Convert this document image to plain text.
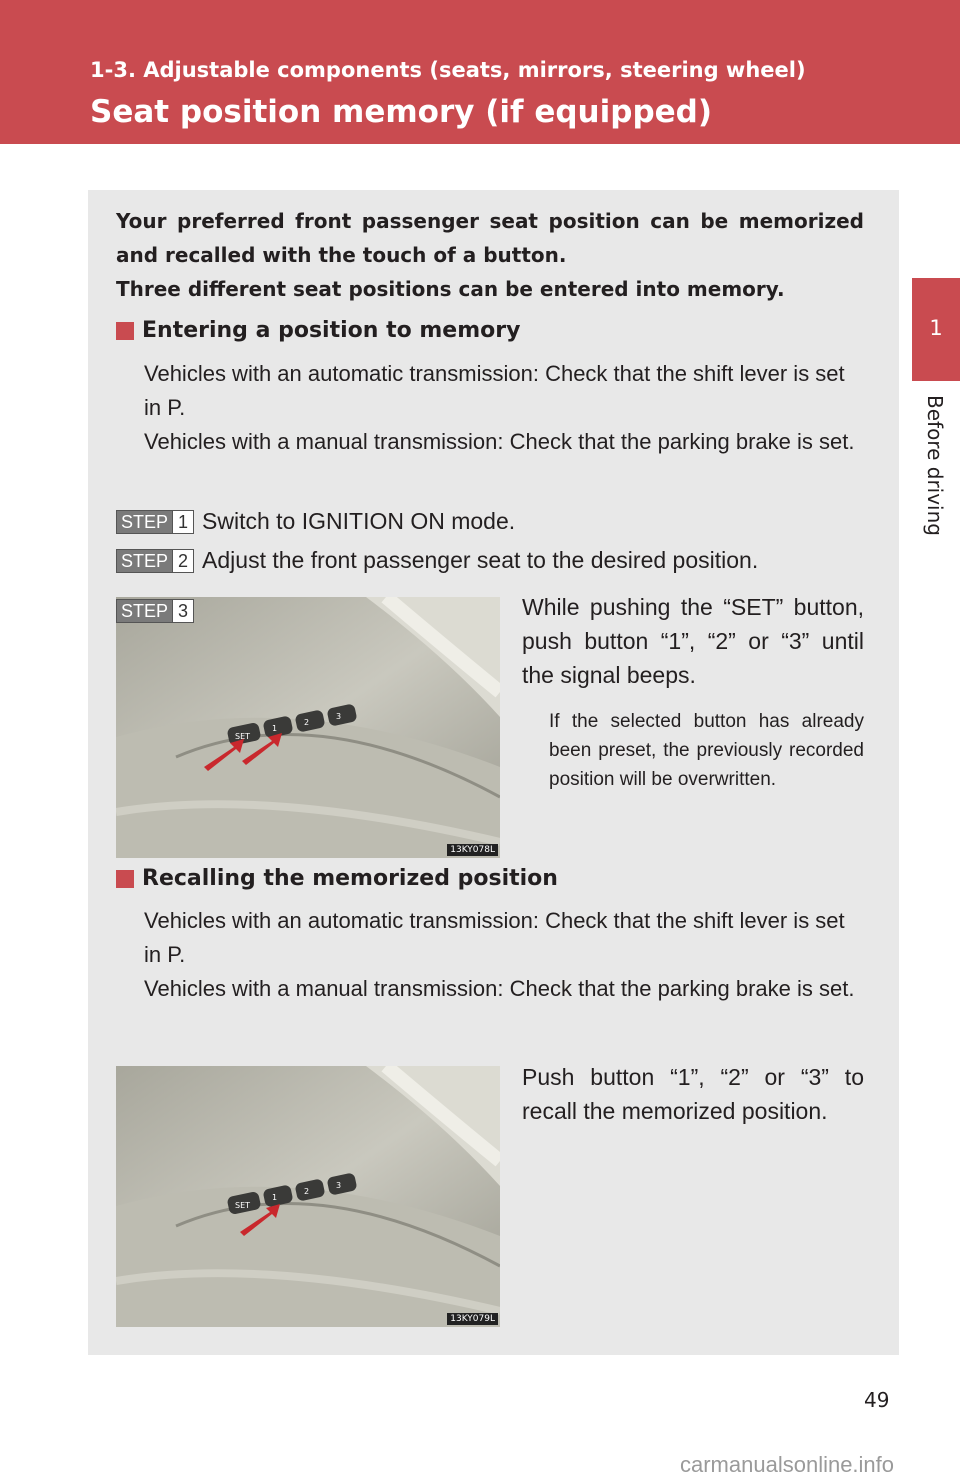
1-3. Adjustable components (seats, mirrors, steering wheel)
Seat position memory (if equipped)
1
Before driving

Your preferred front passenger seat position can be memorized and recalled with the touch of a button.

Three different seat positions can be entered into memory.

Entering a position to memory

Vehicles with an automatic transmission: Check that the shift lever is set in P.

Vehicles with a manual transmission: Check that the parking brake is set.

STEP 1 Switch to IGNITION ON mode.
STEP 2 Adjust the front passenger seat to the desired position.
SET
1
2
3
13KY078L
STEP 3	While pushing the “SET” button, push button “1”, “2” or “3” until the signal beeps.

If the selected button has already been preset, the previously recorded position will be overwritten.

Recalling the memorized position

Vehicles with an automatic transmission: Check that the shift lever is set in P.

Vehicles with a manual transmission: Check that the parking brake is set.

SET
1
2
3
13KY079L

Push button “1”, “2” or “3” to recall the memorized position.

49
carmanualsonline.info
